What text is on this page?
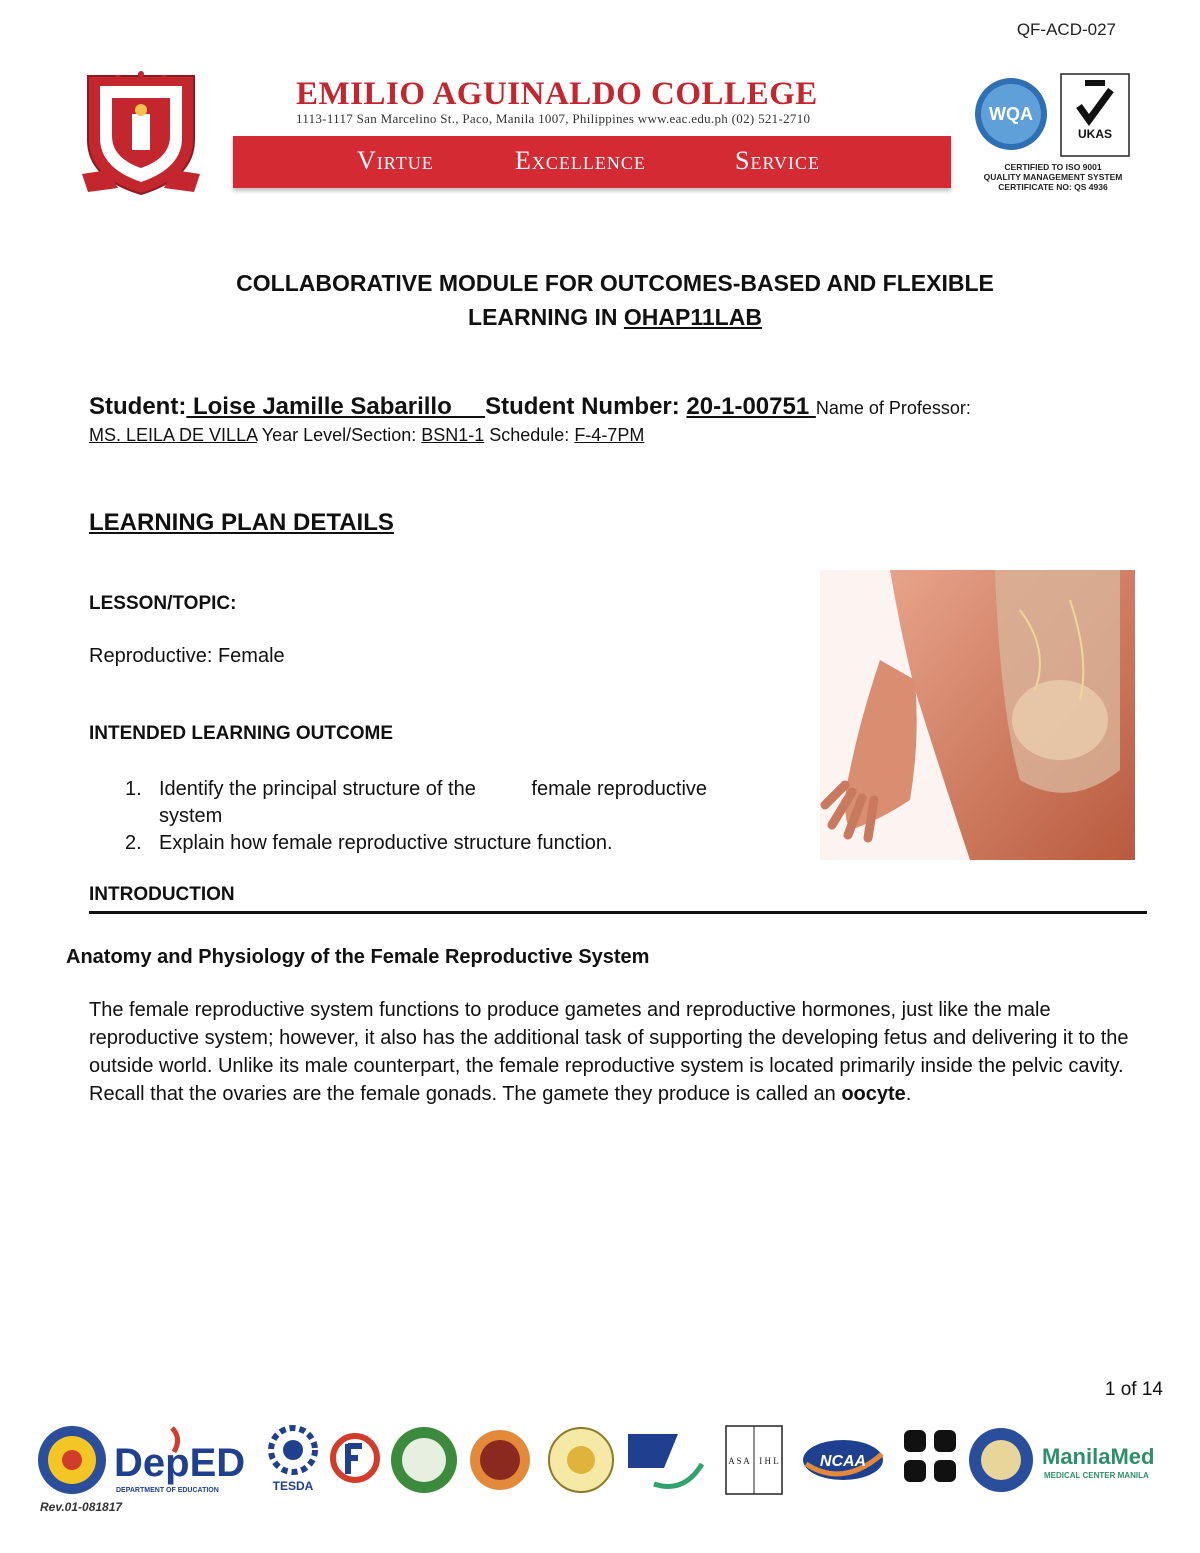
QF-ACD-027
EMILIO AGUINALDO COLLEGE
1113-1117 San Marcelino St., Paco, Manila 1007, Philippines www.eac.edu.ph (02) 521-2710
Virtue	Excellence	Service
WQA
UKAS
CERTIFIED TO ISO 9001
QUALITY MANAGEMENT SYSTEM
CERTIFICATE NO: QS 4936
COLLABORATIVE MODULE FOR OUTCOMES-BASED AND FLEXIBLE
LEARNING IN OHAP11LAB
Student: Loise Jamille Sabarillo     Student Number: 20-1-00751 Name of Professor:
MS. LEILA DE VILLA Year Level/Section: BSN1-1 Schedule: F-4-7PM
LEARNING PLAN DETAILS
LESSON/TOPIC:
Reproductive: Female
INTENDED LEARNING OUTCOME
1. Identify the principal structure of the          female reproductive system
2. Explain how female reproductive structure function.
INTRODUCTION
Anatomy and Physiology of the Female Reproductive System
The female reproductive system functions to produce gametes and reproductive hormones, just like the male reproductive system; however, it also has the additional task of supporting the developing fetus and delivering it to the outside world. Unlike its male counterpart, the female reproductive system is located primarily inside the pelvic cavity. Recall that the ovaries are the female gonads. The gamete they produce is called an oocyte.
1 of 14
DepED
DEPARTMENT OF EDUCATION	TESDA
A S A I H L	NCAA	ManilaMed
MEDICAL CENTER MANILA
Rev.01-081817
